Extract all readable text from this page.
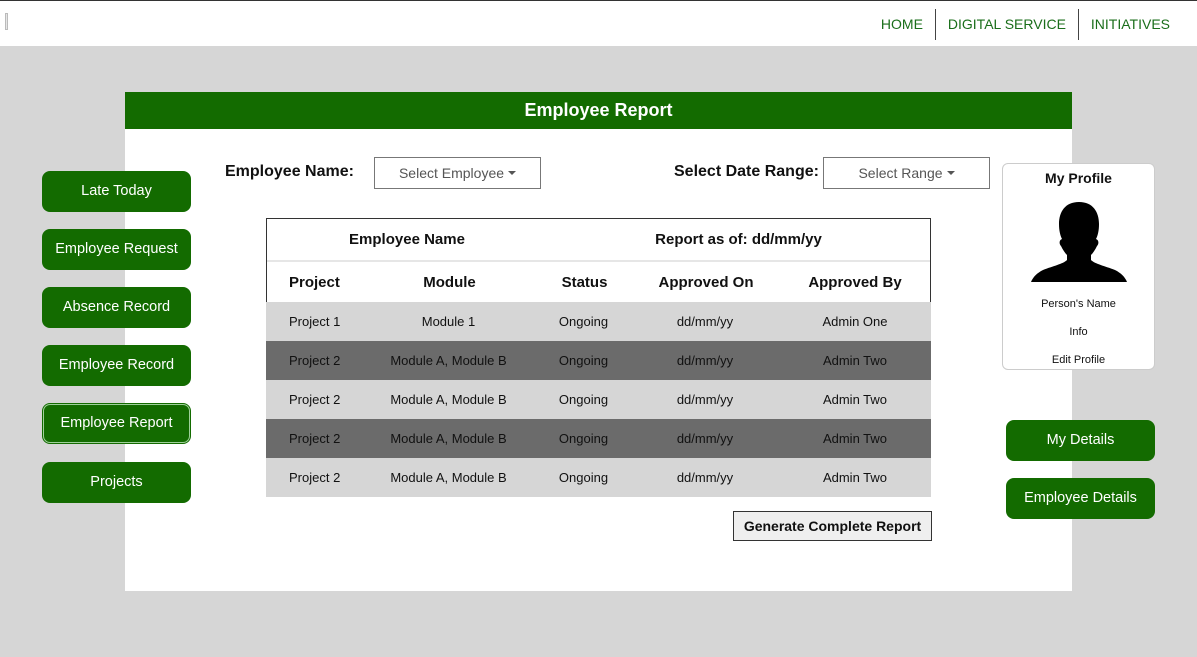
HOME	DIGITAL SERVICE	INITIATIVES
Employee Report
Late Today
Employee Request
Absence Record
Employee Record
Employee Report
Projects
Employee Name:	Select Employee	Select Date Range:	Select Range
Employee Name	Report as of: dd/mm/yy
Project	Module	Status	Approved On	Approved By
Project 1	Module 1	Ongoing	dd/mm/yy	Admin One
Project 2	Module A, Module B	Ongoing	dd/mm/yy	Admin Two
Project 2	Module A, Module B	Ongoing	dd/mm/yy	Admin Two
Project 2	Module A, Module B	Ongoing	dd/mm/yy	Admin Two
Project 2	Module A, Module B	Ongoing	dd/mm/yy	Admin Two
Generate Complete Report
My Profile
Person's Name
Info
Edit Profile
My Details
Employee Details
